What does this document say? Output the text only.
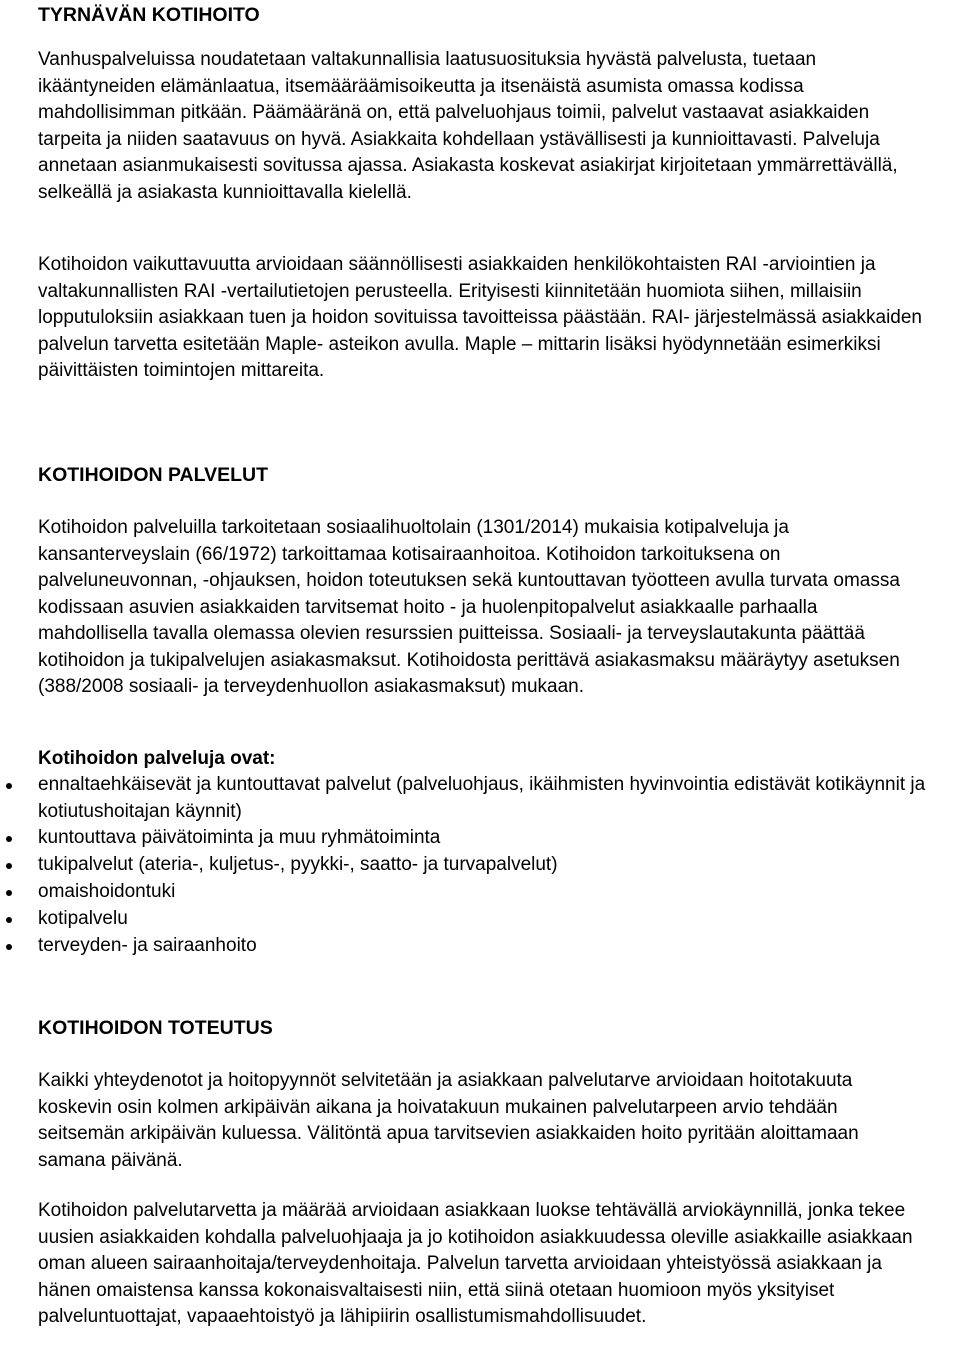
TYRNÄVÄN KOTIHOITO

Vanhuspalveluissa noudatetaan valtakunnallisia laatusuosituksia hyvästä palvelusta, tuetaan ikääntyneiden elämänlaatua, itsemääräämisoikeutta ja itsenäistä asumista omassa kodissa mahdollisimman pitkään. Päämääränä on, että palveluohjaus toimii, palvelut vastaavat asiakkaiden tarpeita ja niiden saatavuus on hyvä. Asiakkaita kohdellaan ystävällisesti ja kunnioittavasti. Palveluja annetaan asianmukaisesti sovitussa ajassa. Asiakasta koskevat asiakirjat kirjoitetaan ymmärrettävällä, selkeällä ja asiakasta kunnioittavalla kielellä.

Kotihoidon vaikuttavuutta arvioidaan säännöllisesti asiakkaiden henkilökohtaisten RAI -arviointien ja valtakunnallisten RAI -vertailutietojen perusteella. Erityisesti kiinnitetään huomiota siihen, millaisiin lopputuloksiin asiakkaan tuen ja hoidon sovituissa tavoitteissa päästään. RAI- järjestelmässä asiakkaiden palvelun tarvetta esitetään Maple- asteikon avulla. Maple – mittarin lisäksi hyödynnetään esimerkiksi päivittäisten toimintojen mittareita.

KOTIHOIDON PALVELUT

Kotihoidon palveluilla tarkoitetaan sosiaalihuoltolain (1301/2014) mukaisia kotipalveluja ja kansanterveyslain (66/1972) tarkoittamaa kotisairaanhoitoa. Kotihoidon tarkoituksena on palveluneuvonnan, -ohjauksen, hoidon toteutuksen sekä kuntouttavan työotteen avulla turvata omassa kodissaan asuvien asiakkaiden tarvitsemat hoito - ja huolenpitopalvelut asiakkaalle parhaalla mahdollisella tavalla olemassa olevien resurssien puitteissa. Sosiaali- ja terveyslautakunta päättää kotihoidon ja tukipalvelujen asiakasmaksut. Kotihoidosta perittävä asiakasmaksu määräytyy asetuksen (388/2008 sosiaali- ja terveydenhuollon asiakasmaksut) mukaan.

Kotihoidon palveluja ovat:

ennaltaehkäisevät ja kuntouttavat palvelut (palveluohjaus, ikäihmisten hyvinvointia edistävät kotikäynnit ja kotiutushoitajan käynnit)
kuntouttava päivätoiminta ja muu ryhmätoiminta
tukipalvelut (ateria-, kuljetus-, pyykki-, saatto- ja turvapalvelut)
omaishoidontuki
kotipalvelu
terveyden- ja sairaanhoito
KOTIHOIDON TOTEUTUS

Kaikki yhteydenotot ja hoitopyynnöt selvitetään ja asiakkaan palvelutarve arvioidaan hoitotakuuta koskevin osin kolmen arkipäivän aikana ja hoivatakuun mukainen palvelutarpeen arvio tehdään seitsemän arkipäivän kuluessa. Välitöntä apua tarvitsevien asiakkaiden hoito pyritään aloittamaan samana päivänä.

Kotihoidon palvelutarvetta ja määrää arvioidaan asiakkaan luokse tehtävällä arviokäynnillä, jonka tekee uusien asiakkaiden kohdalla palveluohjaaja ja jo kotihoidon asiakkuudessa oleville asiakkaille asiakkaan oman alueen sairaanhoitaja/terveydenhoitaja. Palvelun tarvetta arvioidaan yhteistyössä asiakkaan ja hänen omaistensa kanssa kokonaisvaltaisesti niin, että siinä otetaan huomioon myös yksityiset palveluntuottajat, vapaaehtoistyö ja lähipiirin osallistumismahdollisuudet.
